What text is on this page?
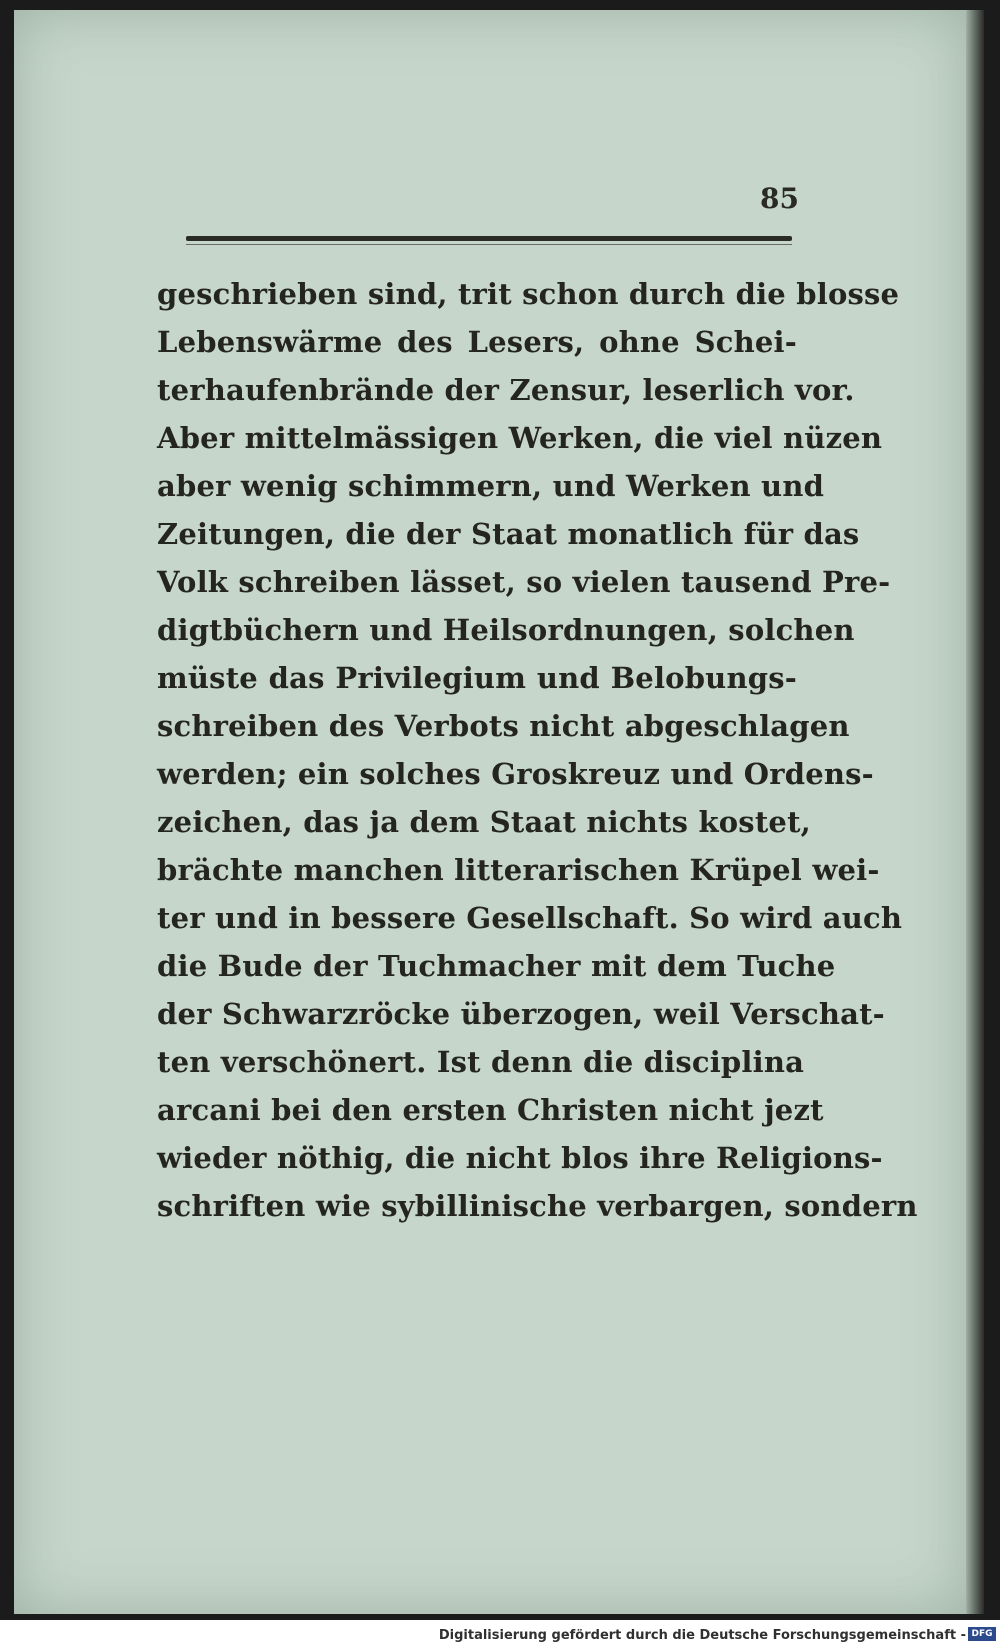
85
geschrieben sind, trit schon durch die blosse
Lebenswärme des Lesers, ohne Schei-
terhaufenbrände der Zensur, leserlich vor.
Aber mittelmässigen Werken, die viel nüzen
aber wenig schimmern, und Werken und
Zeitungen, die der Staat monatlich für das
Volk schreiben lässet, so vielen tausend Pre-
digtbüchern und Heilsordnungen, solchen
müste das Privilegium und Belobungs-
schreiben des Verbots nicht abgeschlagen
werden; ein solches Groskreuz und Ordens-
zeichen, das ja dem Staat nichts kostet,
brächte manchen litterarischen Krüpel wei-
ter und in bessere Gesellschaft. So wird auch
die Bude der Tuchmacher mit dem Tuche
der Schwarzröcke überzogen, weil Verschat-
ten verschönert. Ist denn die disciplina
arcani bei den ersten Christen nicht jezt
wieder nöthig, die nicht blos ihre Religions-
schriften wie sybillinische verbargen, sondern
Digitalisierung gefördert durch die Deutsche Forschungsgemeinschaft - DFG
